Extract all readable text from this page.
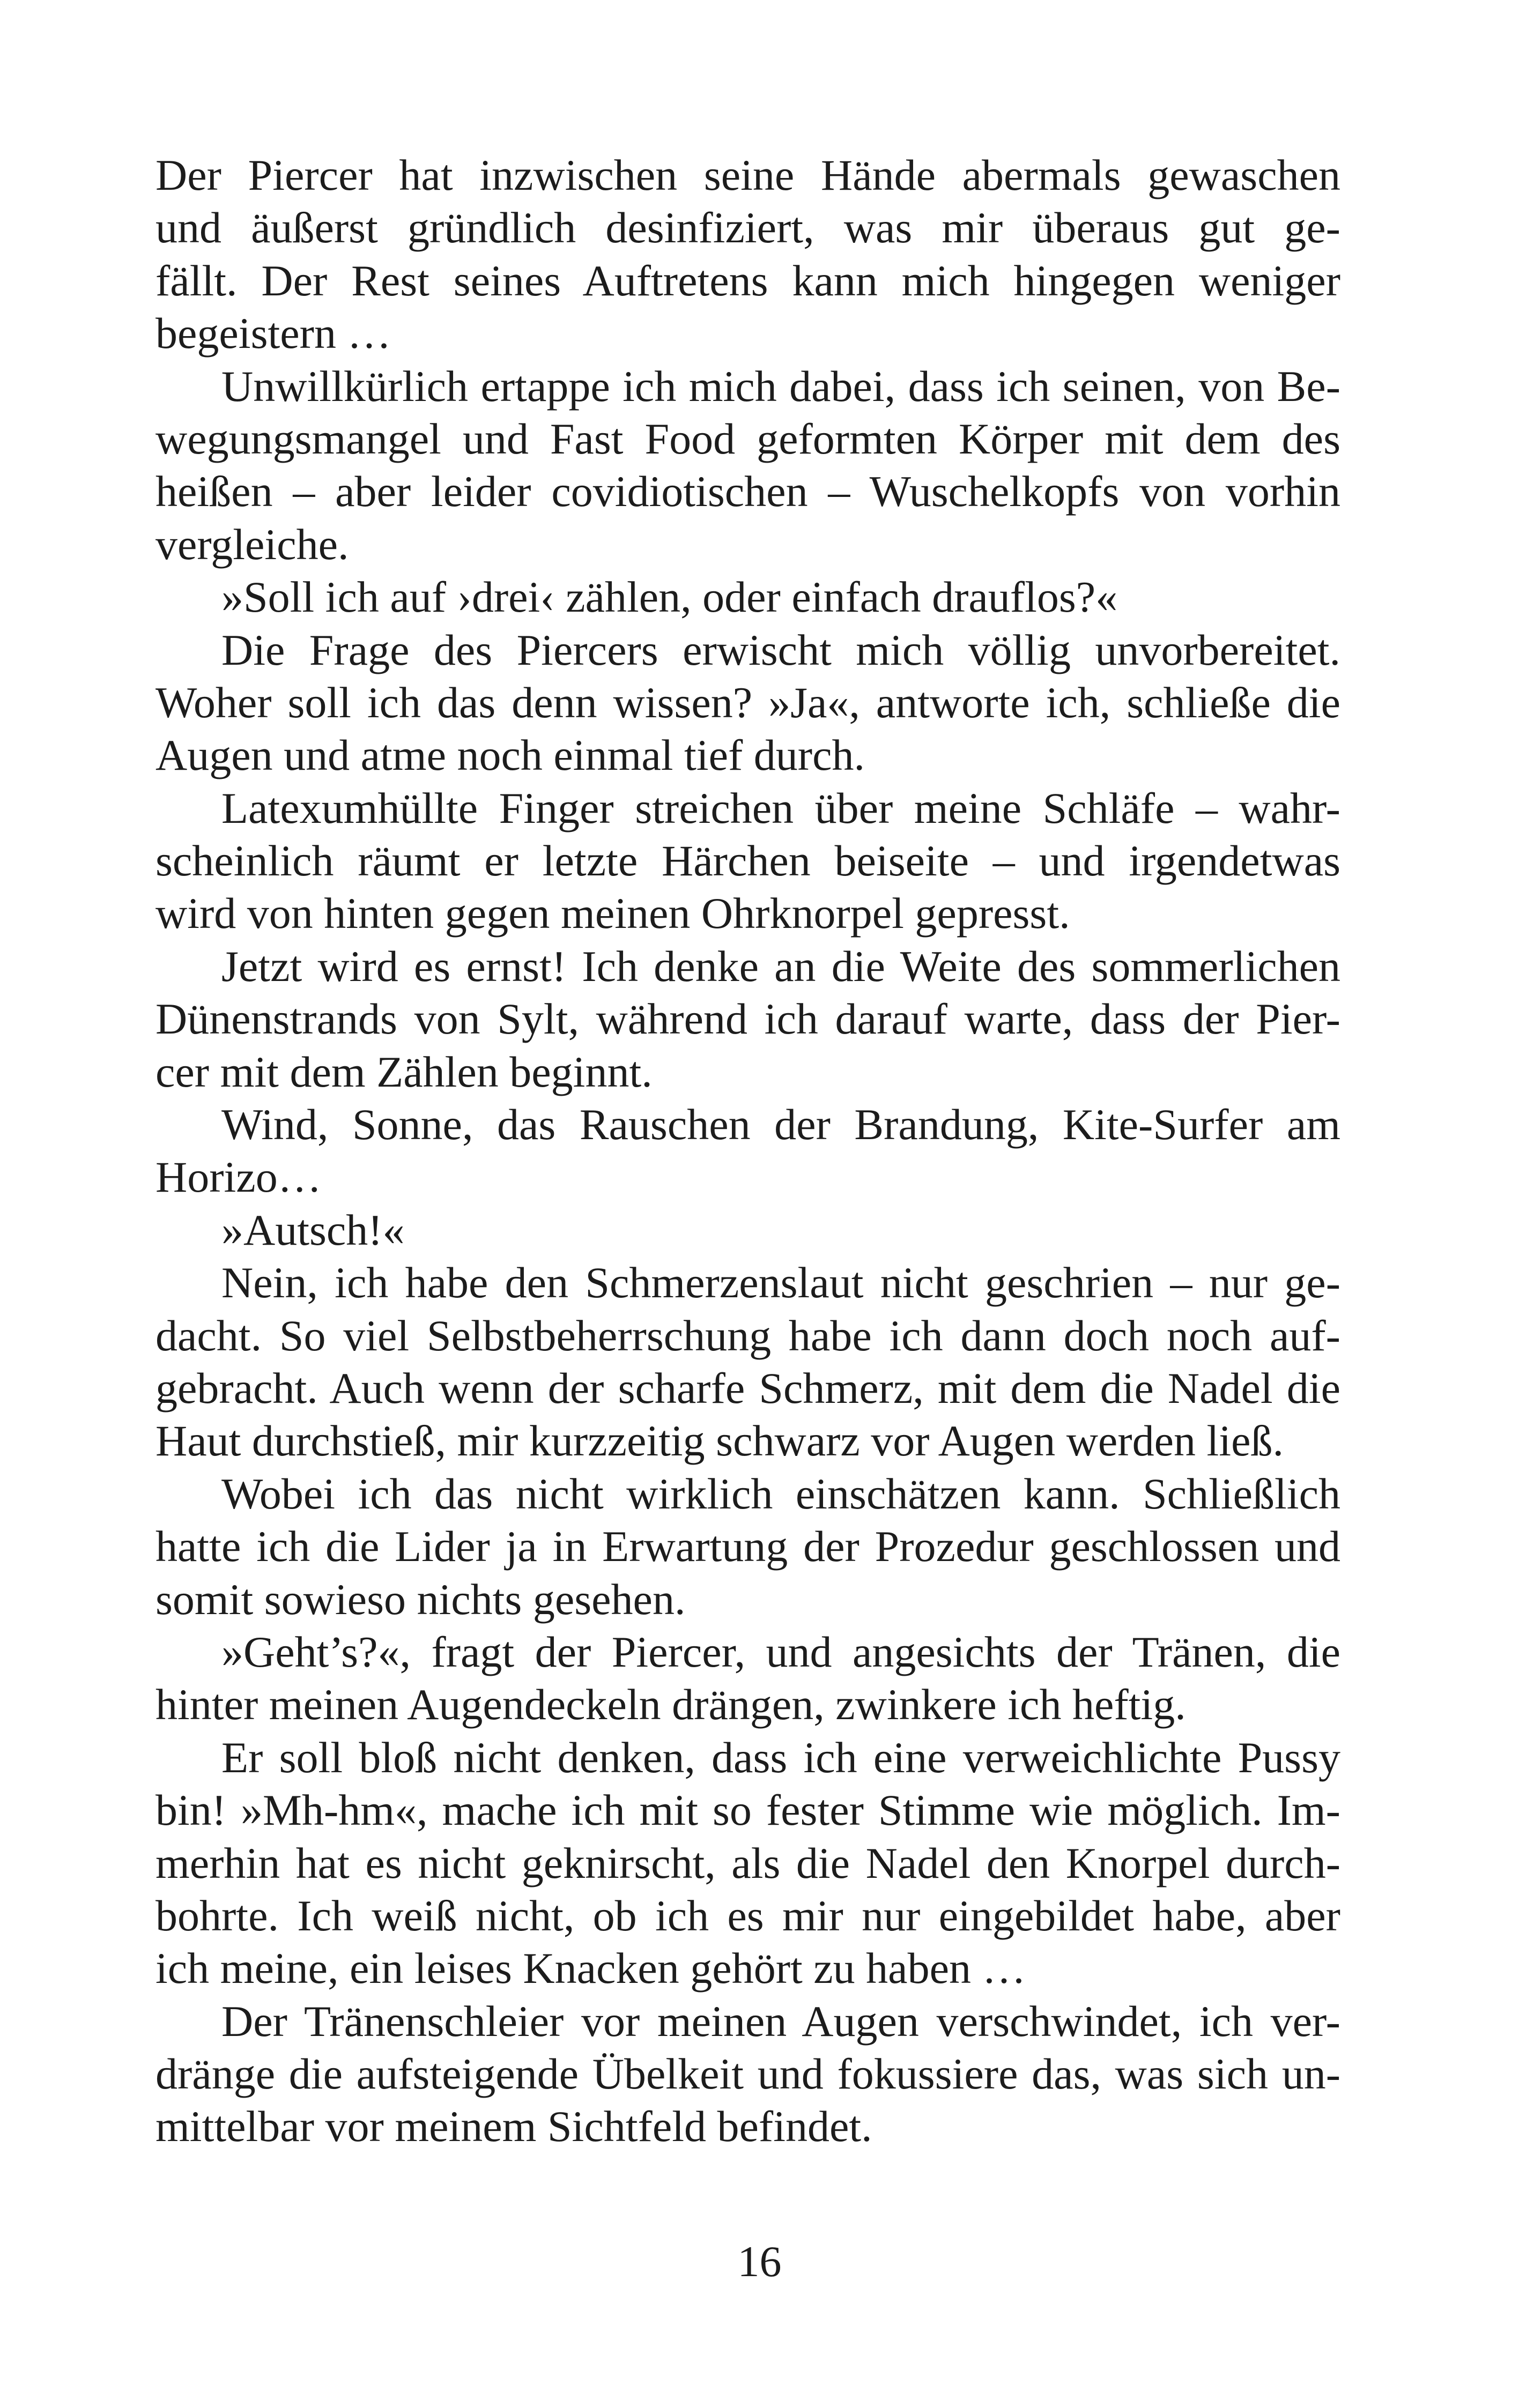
Der Piercer hat inzwischen seine Hände abermals gewaschen
und äußerst gründlich desinfiziert, was mir überaus gut ge-
fällt. Der Rest seines Auftretens kann mich hingegen weniger
begeistern …
Unwillkürlich ertappe ich mich dabei, dass ich seinen, von Be-
wegungsmangel und Fast Food geformten Körper mit dem des
heißen – aber leider covidiotischen – Wuschelkopfs von vorhin
vergleiche.
»Soll ich auf ›drei‹ zählen, oder einfach drauflos?«
Die Frage des Piercers erwischt mich völlig unvorbereitet.
Woher soll ich das denn wissen? »Ja«, antworte ich, schließe die
Augen und atme noch einmal tief durch.
Latexumhüllte Finger streichen über meine Schläfe – wahr-
scheinlich räumt er letzte Härchen beiseite – und irgendetwas
wird von hinten gegen meinen Ohrknorpel gepresst.
Jetzt wird es ernst! Ich denke an die Weite des sommerlichen
Dünenstrands von Sylt, während ich darauf warte, dass der Pier-
cer mit dem Zählen beginnt.
Wind, Sonne, das Rauschen der Brandung, Kite-Surfer am
Horizo…
»Autsch!«
Nein, ich habe den Schmerzenslaut nicht geschrien – nur ge-
dacht. So viel Selbstbeherrschung habe ich dann doch noch auf-
gebracht. Auch wenn der scharfe Schmerz, mit dem die Nadel die
Haut durchstieß, mir kurzzeitig schwarz vor Augen werden ließ.
Wobei ich das nicht wirklich einschätzen kann. Schließlich
hatte ich die Lider ja in Erwartung der Prozedur geschlossen und
somit sowieso nichts gesehen.
»Geht’s?«, fragt der Piercer, und angesichts der Tränen, die
hinter meinen Augendeckeln drängen, zwinkere ich heftig.
Er soll bloß nicht denken, dass ich eine verweichlichte Pussy
bin! »Mh-hm«, mache ich mit so fester Stimme wie möglich. Im-
merhin hat es nicht geknirscht, als die Nadel den Knorpel durch-
bohrte. Ich weiß nicht, ob ich es mir nur eingebildet habe, aber
ich meine, ein leises Knacken gehört zu haben …
Der Tränenschleier vor meinen Augen verschwindet, ich ver-
dränge die aufsteigende Übelkeit und fokussiere das, was sich un-
mittelbar vor meinem Sichtfeld befindet.
16
